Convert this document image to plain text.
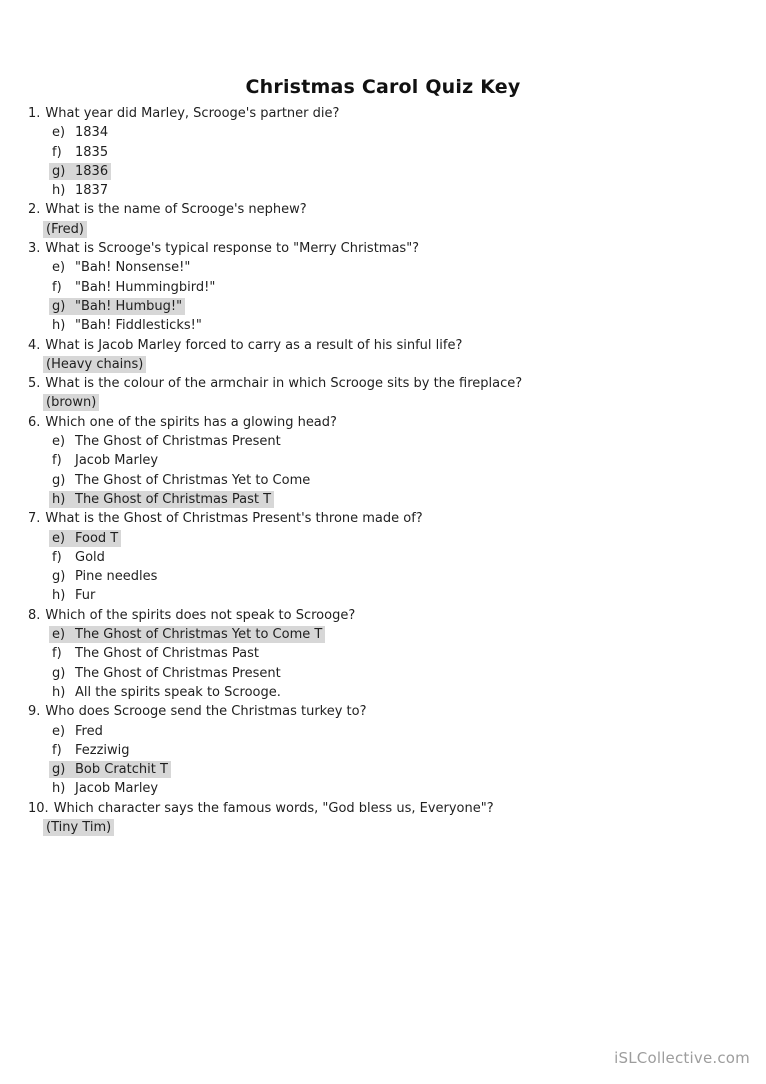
Christmas Carol Quiz Key
1. What year did Marley, Scrooge's partner die?
e) 1834
f) 1835
g) 1836
h) 1837
2. What is the name of Scrooge's nephew?
(Fred)
3. What is Scrooge's typical response to "Merry Christmas"?
e) "Bah! Nonsense!"
f) "Bah! Hummingbird!"
g) "Bah! Humbug!"
h) "Bah! Fiddlesticks!"
4. What is Jacob Marley forced to carry as a result of his sinful life?
(Heavy chains)
5. What is the colour of the armchair in which Scrooge sits by the fireplace?
(brown)
6. Which one of the spirits has a glowing head?
e) The Ghost of Christmas Present
f) Jacob Marley
g) The Ghost of Christmas Yet to Come
h) The Ghost of Christmas Past T
7. What is the Ghost of Christmas Present's throne made of?
e) Food T
f) Gold
g) Pine needles
h) Fur
8. Which of the spirits does not speak to Scrooge?
e) The Ghost of Christmas Yet to Come T
f) The Ghost of Christmas Past
g) The Ghost of Christmas Present
h) All the spirits speak to Scrooge.
9. Who does Scrooge send the Christmas turkey to?
e) Fred
f) Fezziwig
g) Bob Cratchit T
h) Jacob Marley
10. Which character says the famous words, "God bless us, Everyone"?
(Tiny Tim)
iSLCollective.com
